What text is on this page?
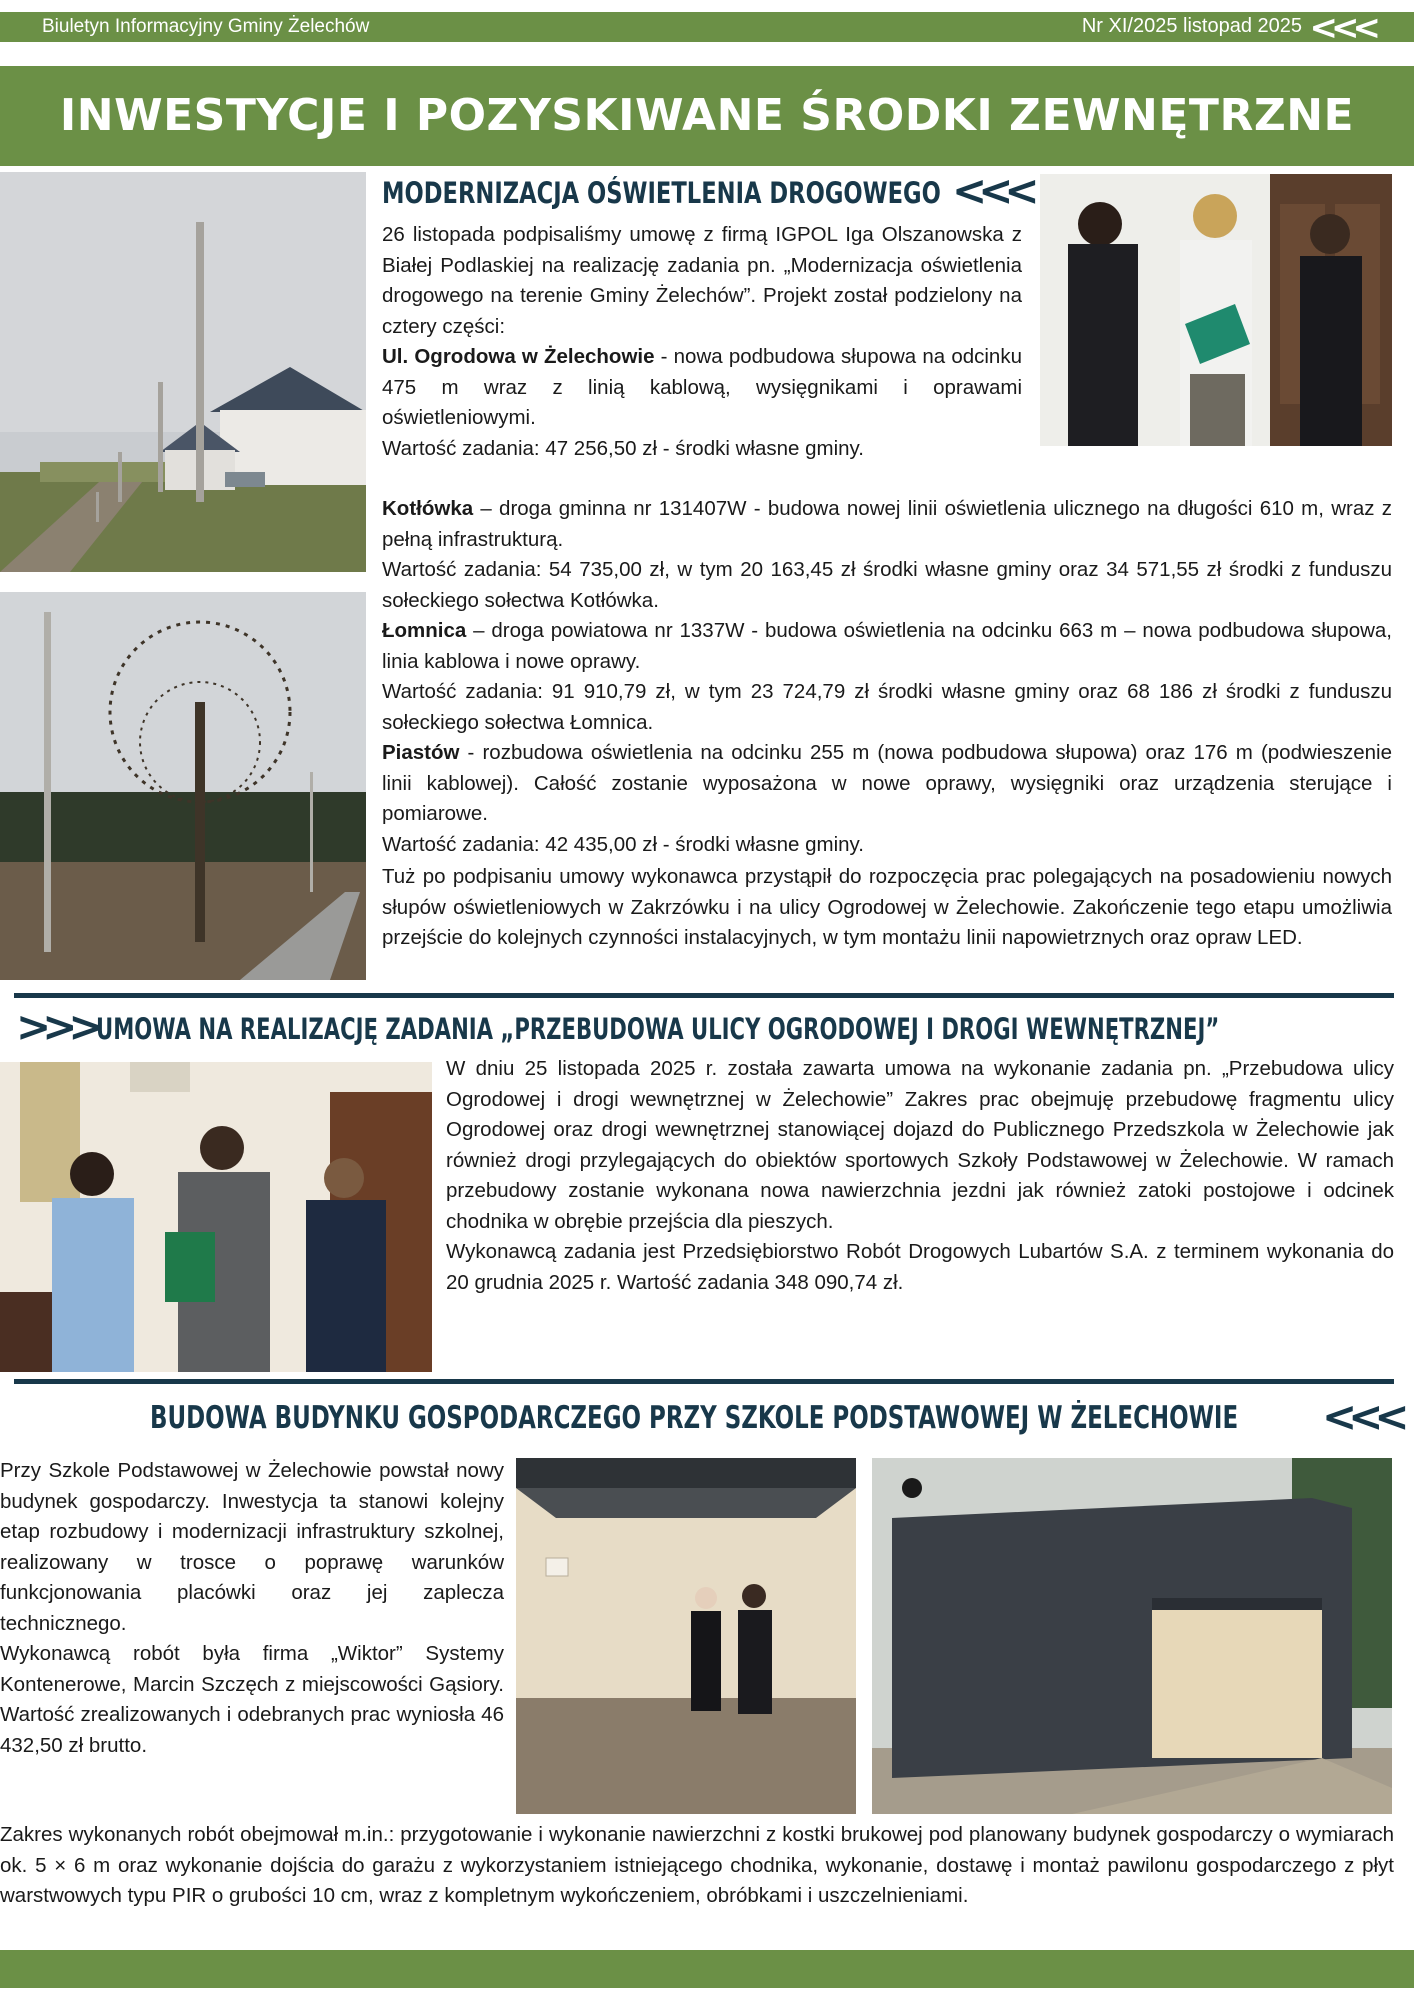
Biuletyn Informacyjny Gminy Żelechów	Nr XI/2025 listopad 2025 <<<
INWESTYCJE I POZYSKIWANE ŚRODKI ZEWNĘTRZNE
MODERNIZACJA OŚWIETLENIA DROGOWEGO <<<

26 listopada podpisaliśmy umowę z firmą IGPOL Iga Olszanowska z Białej Podlaskiej na realizację zadania pn. „Modernizacja oświetlenia drogowego na terenie Gminy Żelechów”. Projekt został podzielony na cztery części:

Ul. Ogrodowa w Żelechowie - nowa podbudowa słupowa na odcinku 475 m wraz z linią kablową, wysięgnikami i oprawami oświetleniowymi.

Wartość zadania: 47 256,50 zł - środki własne gminy.

Kotłówka – droga gminna nr 131407W - budowa nowej linii oświetlenia ulicznego na długości 610 m, wraz z pełną infrastrukturą.

Wartość zadania: 54 735,00 zł, w tym 20 163,45 zł środki własne gminy oraz 34 571,55 zł środki z funduszu sołeckiego sołectwa Kotłówka.

Łomnica – droga powiatowa nr 1337W - budowa oświetlenia na odcinku 663 m – nowa podbudowa słupowa, linia kablowa i nowe oprawy.

Wartość zadania: 91 910,79 zł, w tym 23 724,79 zł środki własne gminy oraz 68 186 zł środki z funduszu sołeckiego sołectwa Łomnica.

Piastów - rozbudowa oświetlenia na odcinku 255 m (nowa podbudowa słupowa) oraz 176 m (podwieszenie linii kablowej). Całość zostanie wyposażona w nowe oprawy, wysięgniki oraz urządzenia sterujące i pomiarowe.

Wartość zadania: 42 435,00 zł - środki własne gminy.

Tuż po podpisaniu umowy wykonawca przystąpił do rozpoczęcia prac polegających na posadowieniu nowych słupów oświetleniowych w Zakrzówku i na ulicy Ogrodowej w Żelechowie. Zakończenie tego etapu umożliwia przejście do kolejnych czynności instalacyjnych, w tym montażu linii napowietrznych oraz opraw LED.

>>> UMOWA NA REALIZACJĘ ZADANIA „PRZEBUDOWA ULICY OGRODOWEJ I DROGI WEWNĘTRZNEJ”

W dniu 25 listopada 2025 r. została zawarta umowa na wykonanie zadania pn. „Przebudowa ulicy Ogrodowej i drogi wewnętrznej w Żelechowie” Zakres prac obejmuję przebudowę fragmentu ulicy Ogrodowej oraz drogi wewnętrznej stanowiącej dojazd do Publicznego Przedszkola w Żelechowie jak również drogi przylegających do obiektów sportowych Szkoły Podstawowej w Żelechowie. W ramach przebudowy zostanie wykonana nowa nawierzchnia jezdni jak również zatoki postojowe i odcinek chodnika w obrębie przejścia dla pieszych.

Wykonawcą zadania jest Przedsiębiorstwo Robót Drogowych Lubartów S.A. z terminem wykonania do 20 grudnia 2025 r. Wartość zadania 348 090,74 zł.

BUDOWA BUDYNKU GOSPODARCZEGO PRZY SZKOLE PODSTAWOWEJ W ŻELECHOWIE <<<

Przy Szkole Podstawowej w Żelechowie powstał nowy budynek gospodarczy. Inwestycja ta stanowi kolejny etap rozbudowy i modernizacji infrastruktury szkolnej, realizowany w trosce o poprawę warunków funkcjonowania placówki oraz jej zaplecza technicznego.

Wykonawcą robót była firma „Wiktor” Systemy Kontenerowe, Marcin Szczęch z miejscowości Gąsiory. Wartość zrealizowanych i odebranych prac wyniosła 46 432,50 zł brutto.

Zakres wykonanych robót obejmował m.in.: przygotowanie i wykonanie nawierzchni z kostki brukowej pod planowany budynek gospodarczy o wymiarach ok. 5 × 6 m oraz wykonanie dojścia do garażu z wykorzystaniem istniejącego chodnika, wykonanie, dostawę i montaż pawilonu gospodarczego z płyt warstwowych typu PIR o grubości 10 cm, wraz z kompletnym wykończeniem, obróbkami i uszczelnieniami.
